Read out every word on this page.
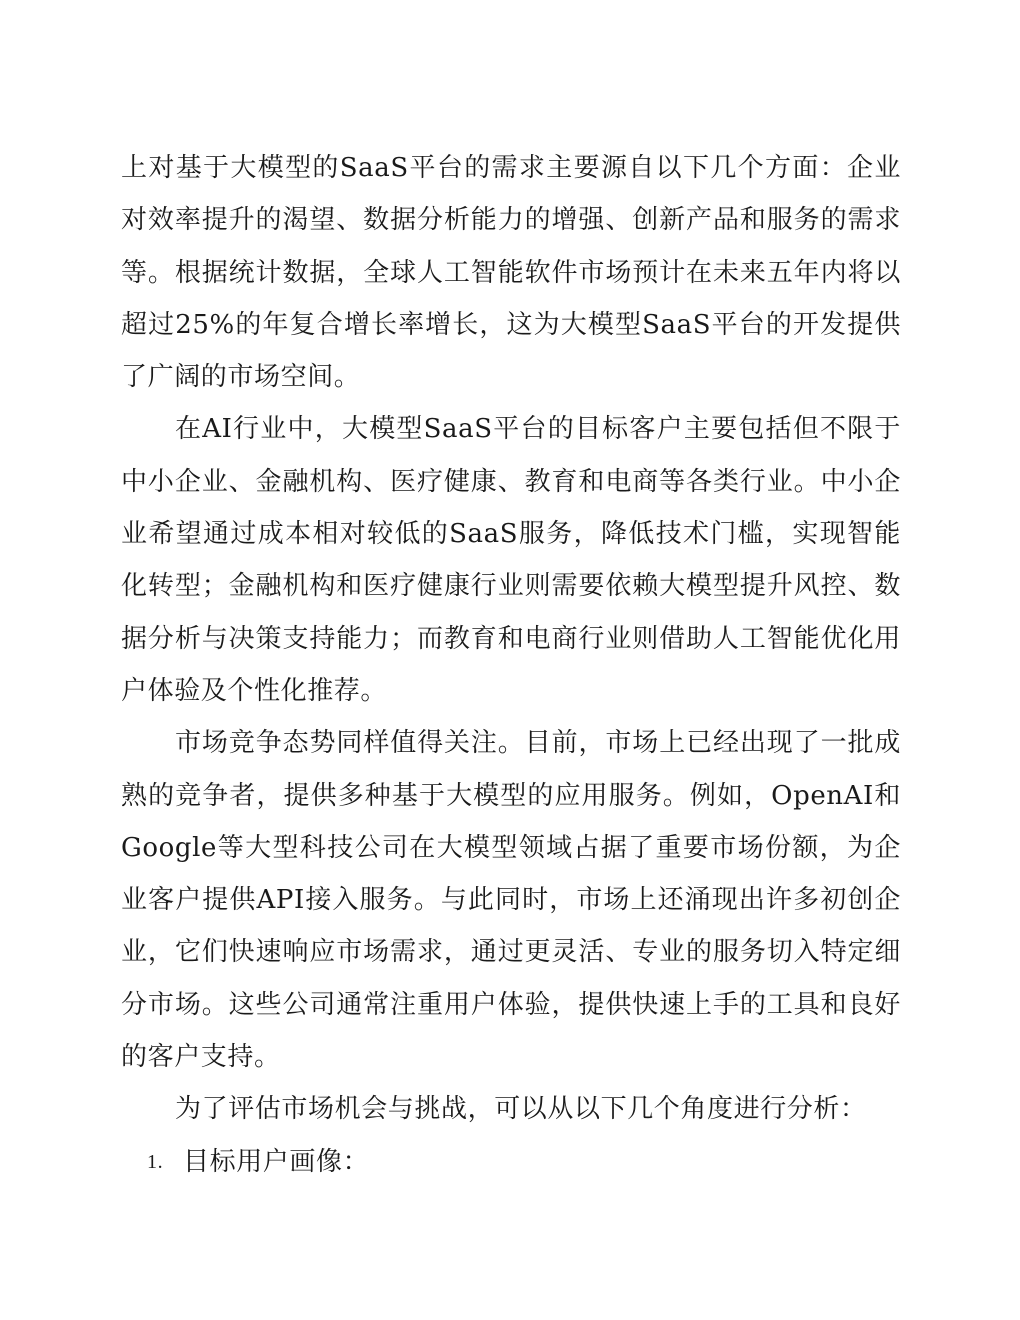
上对基于大模型的SaaS平台的需求主要源自以下几个方面：企业对效率提升的渴望、数据分析能力的增强、创新产品和服务的需求等。根据统计数据，全球人工智能软件市场预计在未来五年内将以超过25%的年复合增长率增长，这为大模型SaaS平台的开发提供了广阔的市场空间。

在AI行业中，大模型SaaS平台的目标客户主要包括但不限于中小企业、金融机构、医疗健康、教育和电商等各类行业。中小企业希望通过成本相对较低的SaaS服务，降低技术门槛，实现智能化转型；金融机构和医疗健康行业则需要依赖大模型提升风控、数据分析与决策支持能力；而教育和电商行业则借助人工智能优化用户体验及个性化推荐。

市场竞争态势同样值得关注。目前，市场上已经出现了一批成熟的竞争者，提供多种基于大模型的应用服务。例如，OpenAI和Google等大型科技公司在大模型领域占据了重要市场份额，为企业客户提供API接入服务。与此同时，市场上还涌现出许多初创企业，它们快速响应市场需求，通过更灵活、专业的服务切入特定细分市场。这些公司通常注重用户体验，提供快速上手的工具和良好的客户支持。

为了评估市场机会与挑战，可以从以下几个角度进行分析：

1. 目标用户画像：
